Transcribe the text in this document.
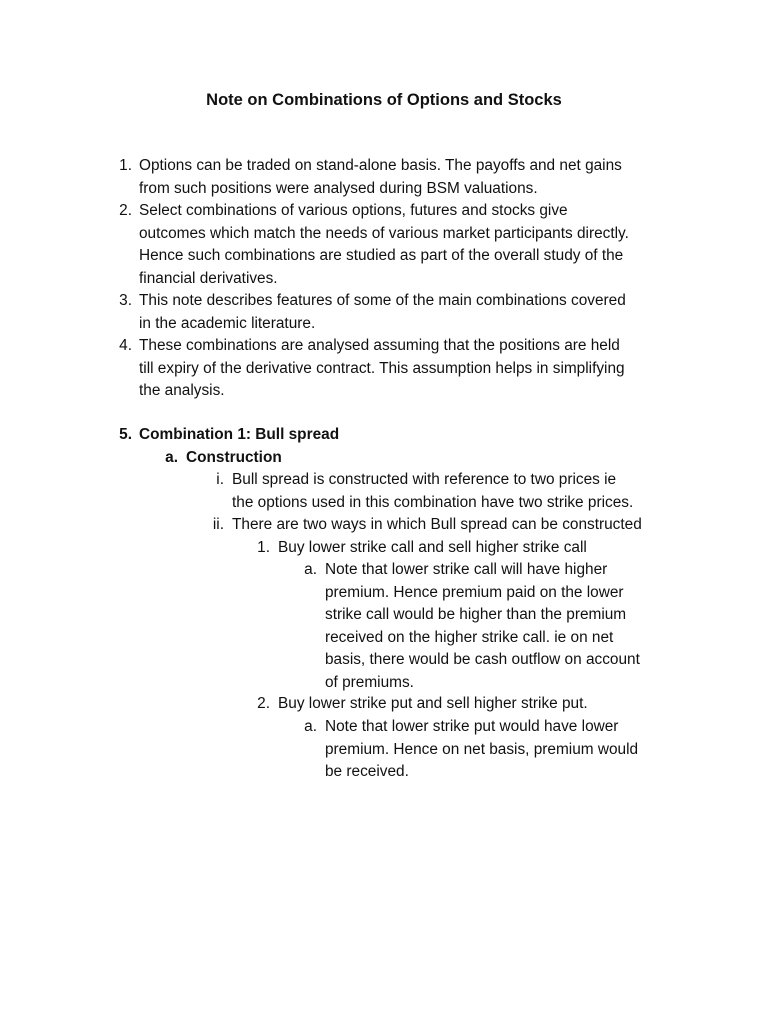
Note on Combinations of Options and Stocks
1. Options can be traded on stand-alone basis. The payoffs and net gains
from such positions were analysed during BSM valuations.
2. Select combinations of various options, futures and stocks give
outcomes which match the needs of various market participants directly.
Hence such combinations are studied as part of the overall study of the
financial derivatives.
3. This note describes features of some of the main combinations covered
in the academic literature.
4. These combinations are analysed assuming that the positions are held
till expiry of the derivative contract. This assumption helps in simplifying
the analysis.
5. Combination 1: Bull spread
a. Construction
i. Bull spread is constructed with reference to two prices ie
the options used in this combination have two strike prices.
ii. There are two ways in which Bull spread can be constructed
1. Buy lower strike call and sell higher strike call
a. Note that lower strike call will have higher
premium. Hence premium paid on the lower
strike call would be higher than the premium
received on the higher strike call. ie on net
basis, there would be cash outflow on account
of premiums.
2. Buy lower strike put and sell higher strike put.
a. Note that lower strike put would have lower
premium. Hence on net basis, premium would
be received.
